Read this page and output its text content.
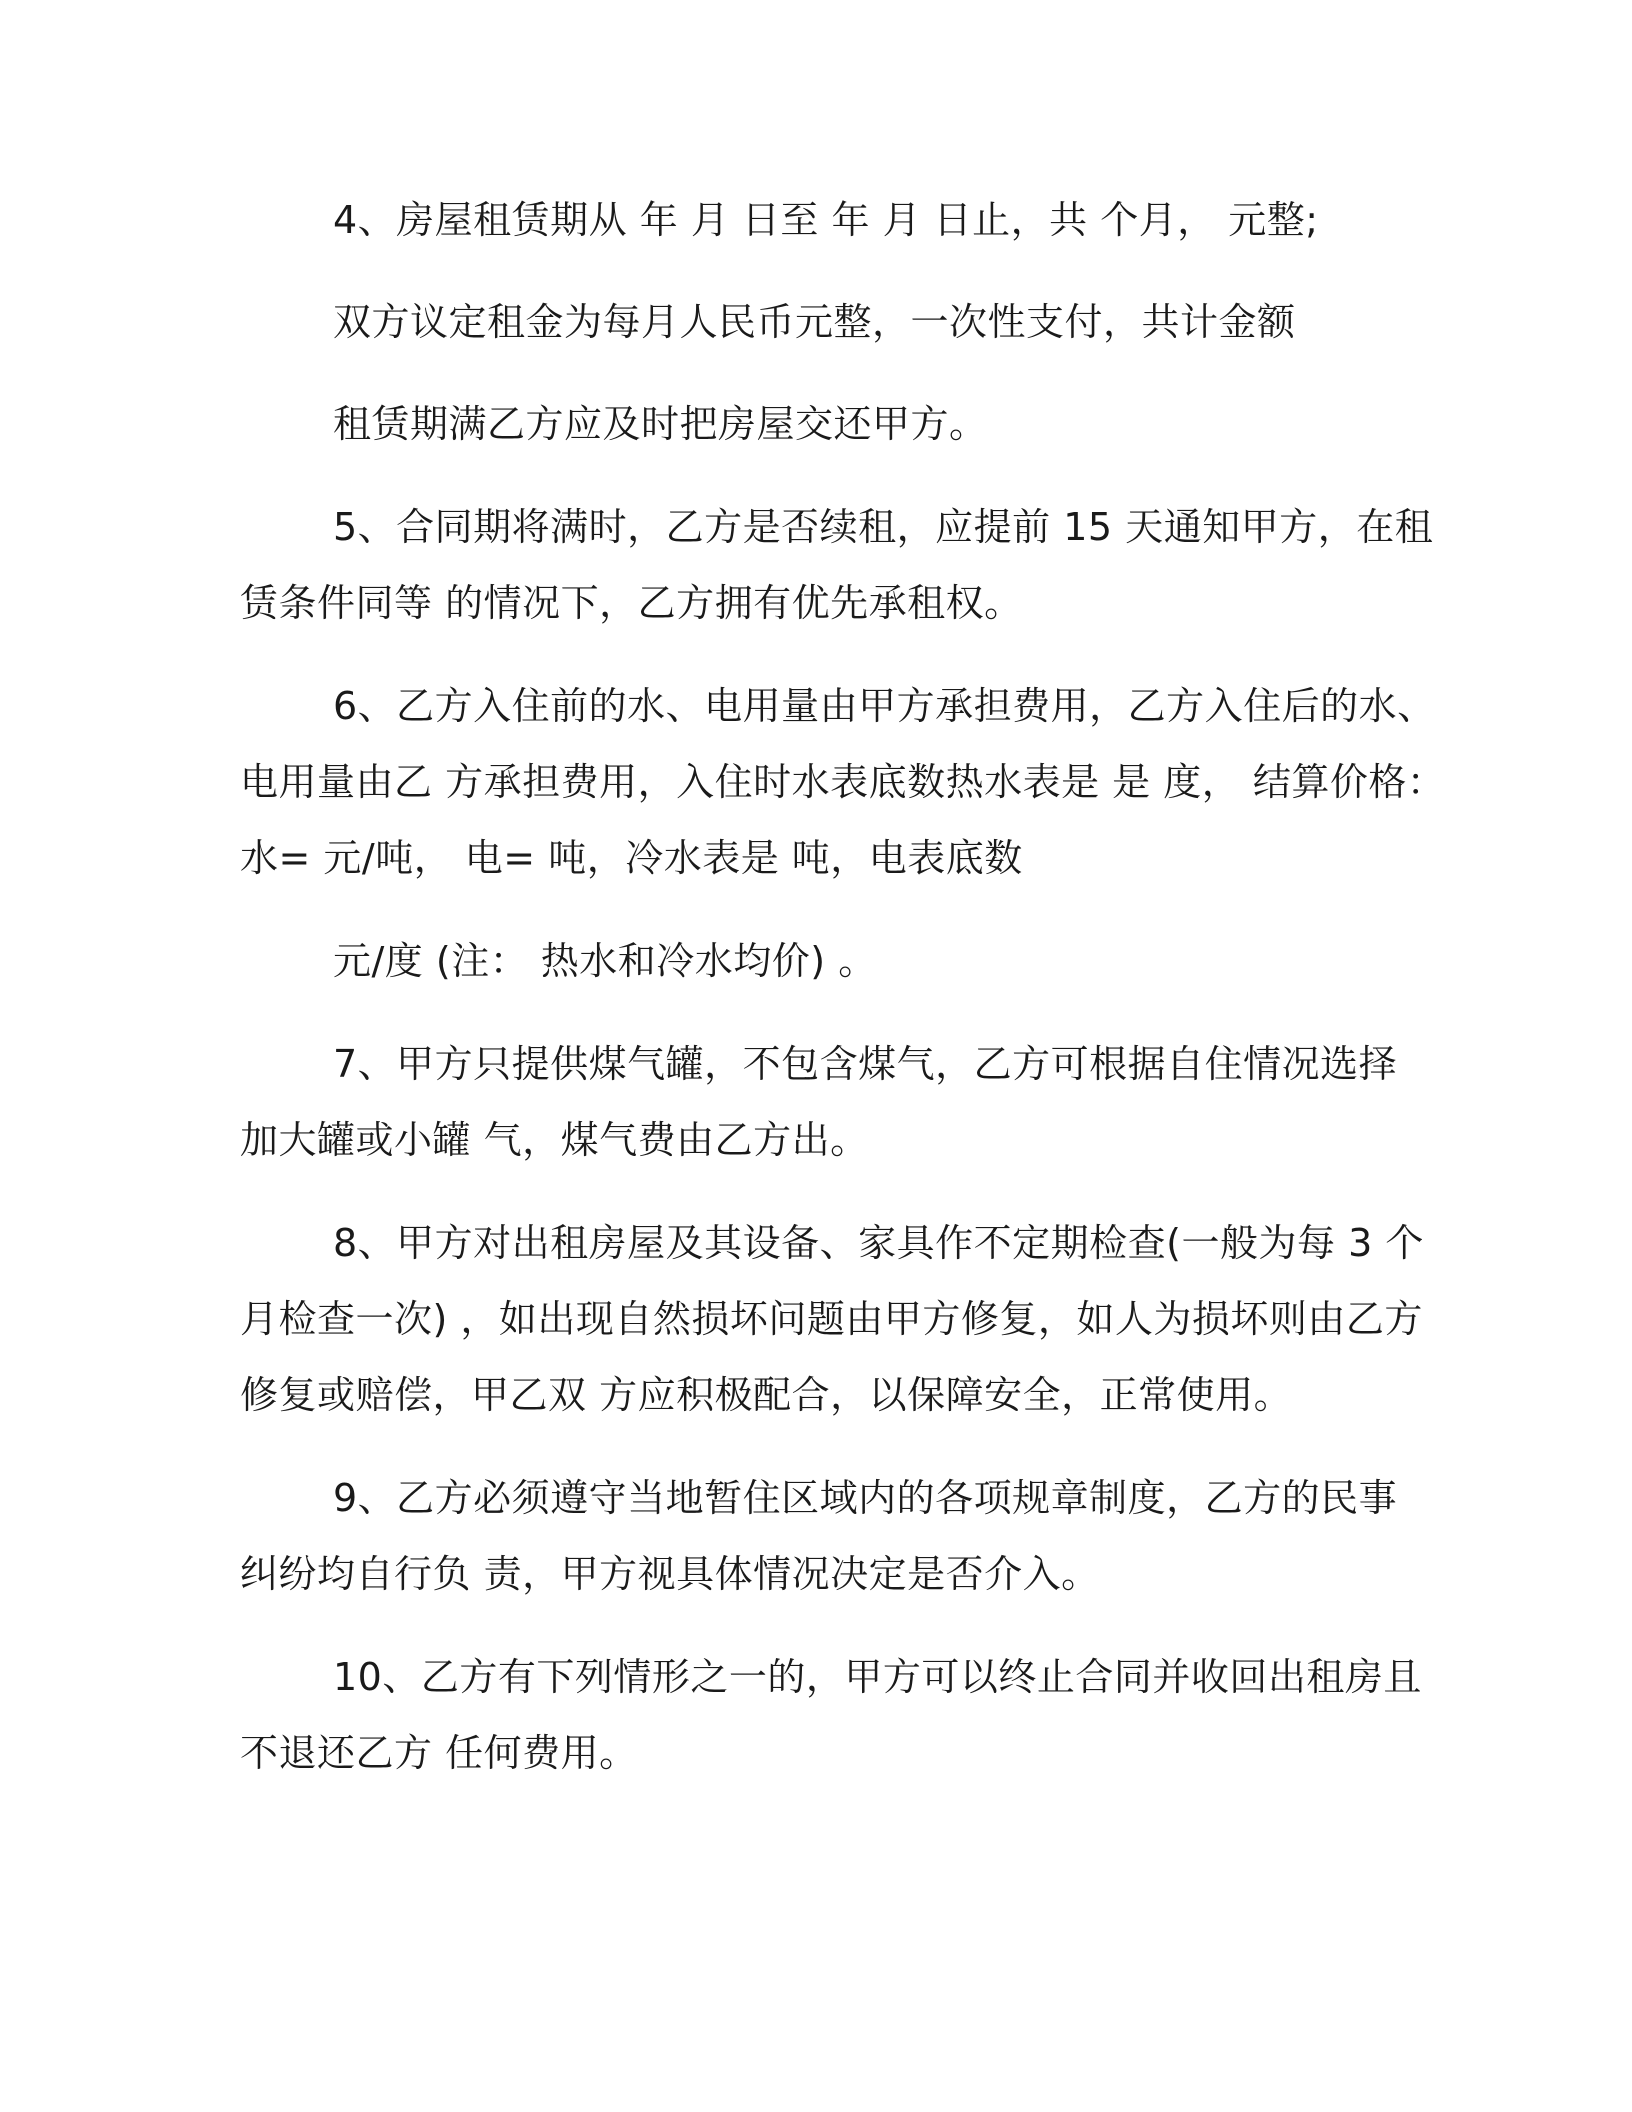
4、房屋租赁期从 年 月 日至 年 月 日止，共 个月， 元整;
双方议定租金为每月人民币元整，一次性支付，共计金额
租赁期满乙方应及时把房屋交还甲方。
5、合同期将满时，乙方是否续租，应提前 15 天通知甲方，在租
赁条件同等 的情况下，乙方拥有优先承租权。
6、乙方入住前的水、电用量由甲方承担费用，乙方入住后的水、
电用量由乙 方承担费用，入住时水表底数热水表是 是 度， 结算价格：
水= 元/吨， 电= 吨，冷水表是 吨，电表底数
元/度 (注： 热水和冷水均价) 。
7、甲方只提供煤气罐，不包含煤气，乙方可根据自住情况选择
加大罐或小罐 气，煤气费由乙方出。
8、甲方对出租房屋及其设备、家具作不定期检查(一般为每 3 个
月检查一次) ，如出现自然损坏问题由甲方修复，如人为损坏则由乙方
修复或赔偿，甲乙双 方应积极配合，以保障安全，正常使用。
9、乙方必须遵守当地暂住区域内的各项规章制度，乙方的民事
纠纷均自行负 责，甲方视具体情况决定是否介入。
10、乙方有下列情形之一的，甲方可以终止合同并收回出租房且
不退还乙方 任何费用。
